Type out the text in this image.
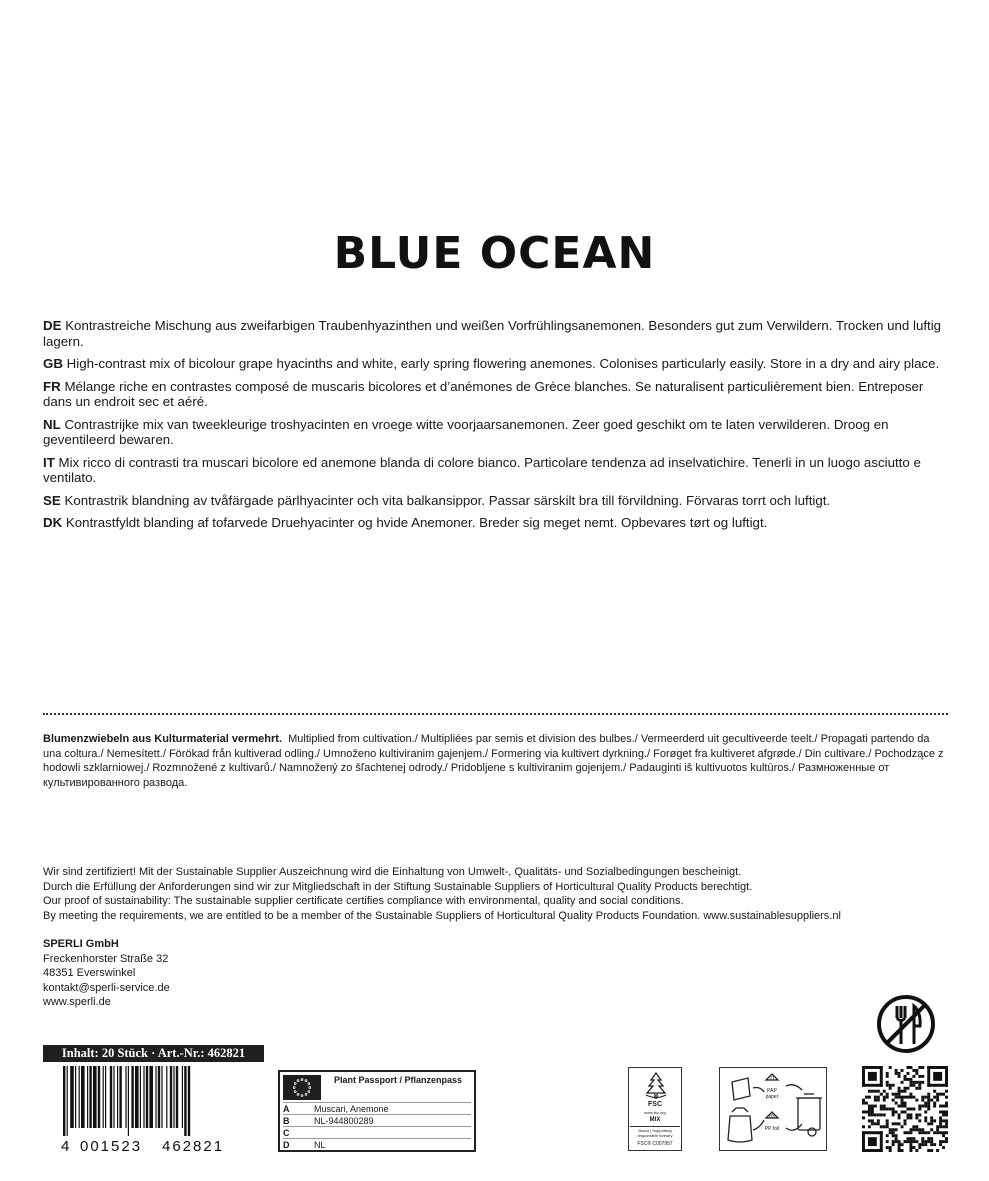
BLUE OCEAN

DE Kontrastreiche Mischung aus zweifarbigen Traubenhyazinthen und weißen Vorfrühlingsanemonen. Besonders gut zum Verwildern. Trocken und luftig lagern.

GB High-contrast mix of bicolour grape hyacinths and white, early spring flowering anemones. Colonises particularly easily. Store in a dry and airy place.

FR Mélange riche en contrastes composé de muscaris bicolores et d’anémones de Grèce blanches. Se naturalisent particulièrement bien. Entreposer dans un endroit sec et aéré.

NL Contrastrijke mix van tweekleurige troshyacinten en vroege witte voorjaarsanemonen. Zeer goed geschikt om te laten verwilderen. Droog en geventileerd bewaren.

IT Mix ricco di contrasti tra muscari bicolore ed anemone blanda di colore bianco. Particolare tendenza ad inselvatichire. Tenerli in un luogo asciutto e ventilato.

SE Kontrastrik blandning av tvåfärgade pärlhyacinter och vita balkansippor. Passar särskilt bra till förvildning. Förvaras torrt och luftigt.

DK Kontrastfyldt blanding af tofarvede Druehyacinter og hvide Anemoner. Breder sig meget nemt. Opbevares tørt og luftigt.

Blumenzwiebeln aus Kulturmaterial vermehrt. Multiplied from cultivation./ Multipliées par semis et division des bulbes./ Vermeerderd uit gecultiveerde teelt./ Propagati partendo da una coltura./ Nemesített./ Förökad från kultiverad odling./ Umnoženo kultiviranim gajenjem./ Formering via kultivert dyrkning./ Forøget fra kultiveret afgrøde./ Din cultivare./ Pochodzące z hodowli szklarniowej./ Rozmnožené z kultivarů./ Namnožený zo šľachtenej odrody./ Pridobljene s kultiviranim gojenjem./ Padauginti iš kultivuotos kultūros./ Размноженные от культивированного развода.
Wir sind zertifiziert! Mit der Sustainable Supplier Auszeichnung wird die Einhaltung von Umwelt-, Qualitäts- und Sozialbedingungen bescheinigt.
Durch die Erfüllung der Anforderungen sind wir zur Mitgliedschaft in der Stiftung Sustainable Suppliers of Horticultural Quality Products berechtigt.
Our proof of sustainability: The sustainable supplier certificate certifies compliance with environmental, quality and social conditions.
By meeting the requirements, we are entitled to be a member of the Sustainable Suppliers of Horticultural Quality Products Foundation. www.sustainablesuppliers.nl
SPERLI GmbH
Freckenhorster Straße 32
48351 Everswinkel
kontakt@sperli-service.de
www.sperli.de
Inhalt: 20 Stück · Art.-Nr.: 462821
4 001523 462821
Plant Passport / Pflanzenpass
A	Muscari, Anemone
B	NL-944800289
C
D	NL
FSC
www.fsc.org
MIX
Board | Supporting responsible forestry
FSC® C007957
21
PAP paper
05
PP foil
